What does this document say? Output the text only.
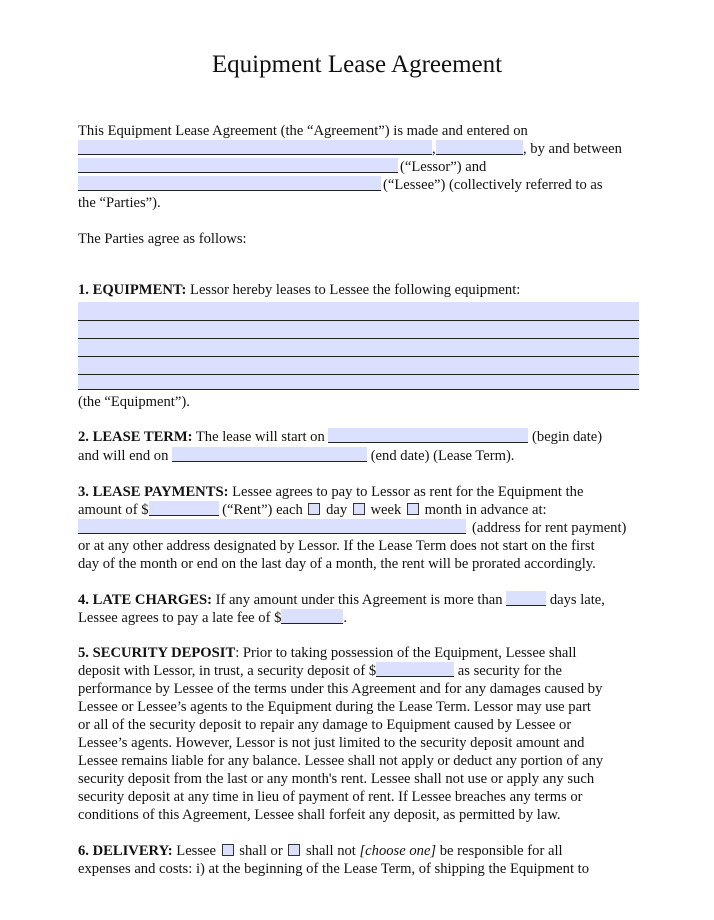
Equipment Lease Agreement
This Equipment Lease Agreement (the “Agreement”) is made and entered on
,	, by and between
(“Lessor”) and
(“Lessee”) (collectively referred to as
the “Parties”).
The Parties agree as follows:
1. EQUIPMENT: Lessor hereby leases to Lessee the following equipment:
(the “Equipment”).
2. LEASE TERM: The lease will start on	(begin date)
and will end on	(end date) (Lease Term).
3. LEASE PAYMENTS: Lessee agrees to pay to Lessor as rent for the Equipment the
amount of $	(“Rent”) each  day  week  month in advance at:
(address for rent payment)
or at any other address designated by Lessor. If the Lease Term does not start on the first
day of the month or end on the last day of a month, the rent will be prorated accordingly.
4. LATE CHARGES: If any amount under this Agreement is more than	days late,
Lessee agrees to pay a late fee of $	.
5. SECURITY DEPOSIT: Prior to taking possession of the Equipment, Lessee shall
deposit with Lessor, in trust, a security deposit of $	as security for the
performance by Lessee of the terms under this Agreement and for any damages caused by
Lessee or Lessee’s agents to the Equipment during the Lease Term. Lessor may use part
or all of the security deposit to repair any damage to Equipment caused by Lessee or
Lessee’s agents. However, Lessor is not just limited to the security deposit amount and
Lessee remains liable for any balance. Lessee shall not apply or deduct any portion of any
security deposit from the last or any month's rent. Lessee shall not use or apply any such
security deposit at any time in lieu of payment of rent. If Lessee breaches any terms or
conditions of this Agreement, Lessee shall forfeit any deposit, as permitted by law.
6. DELIVERY: Lessee  shall or  shall not [choose one] be responsible for all
expenses and costs: i) at the beginning of the Lease Term, of shipping the Equipment to
